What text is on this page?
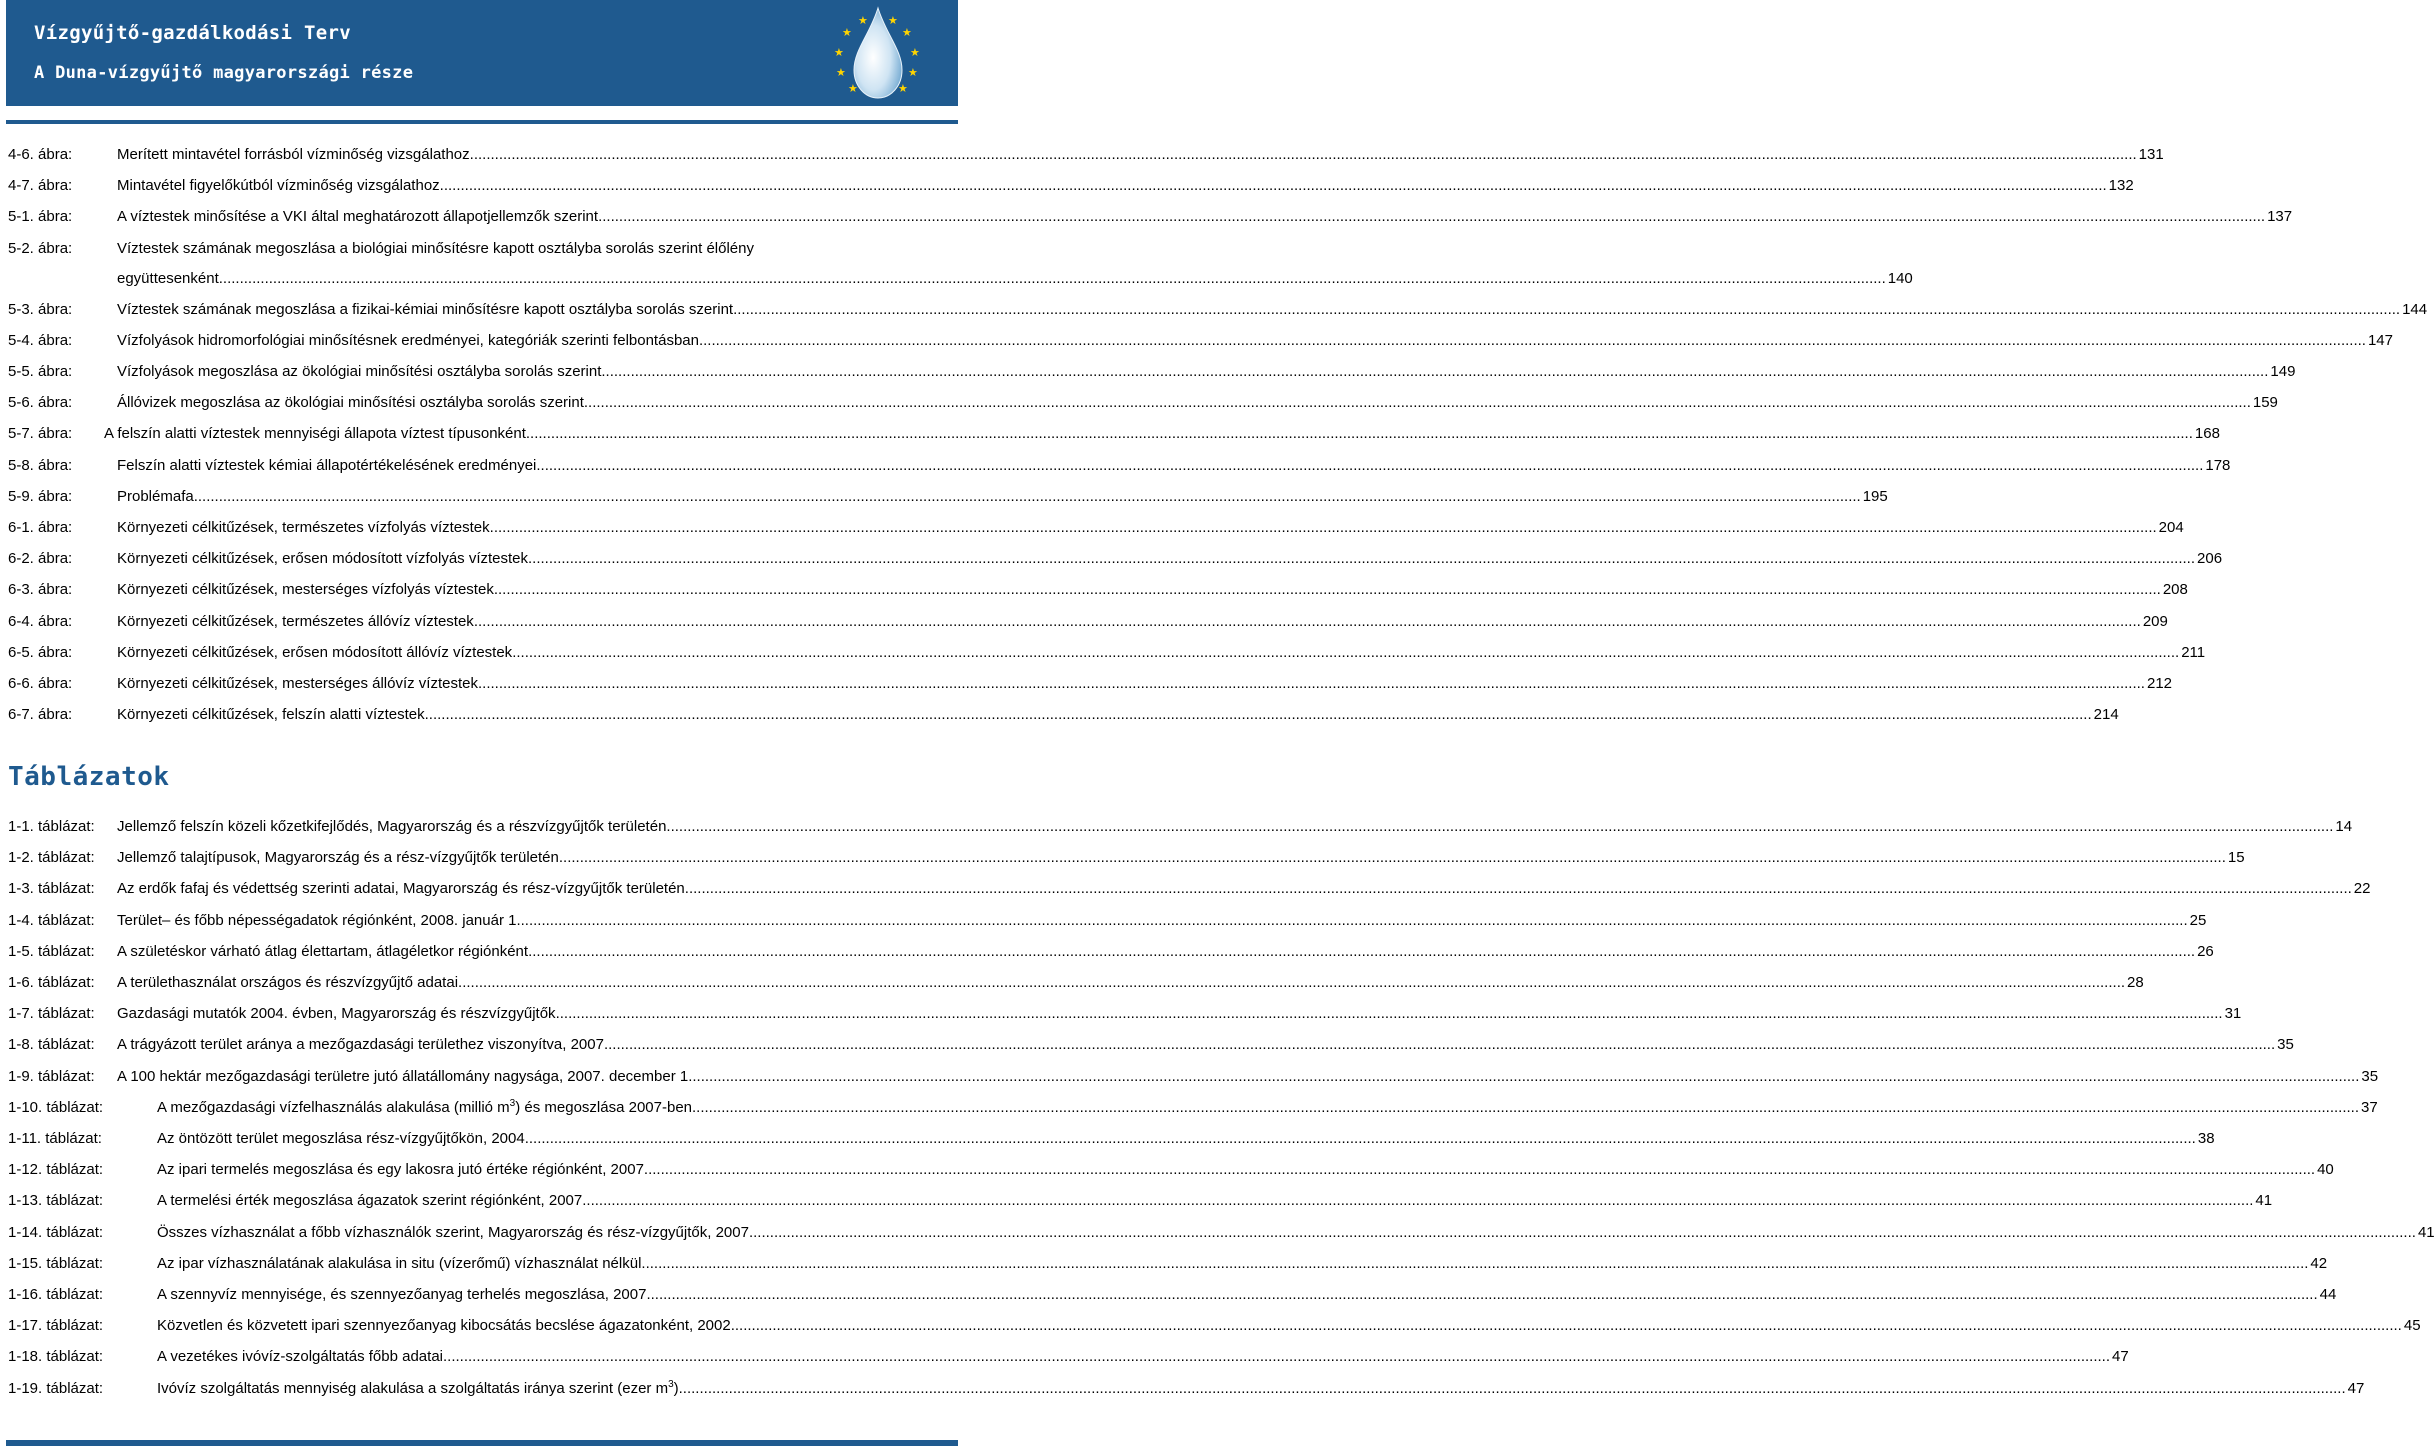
Vízgyűjtő-gazdálkodási Terv
A Duna-vízgyűjtő magyarországi része
★
★
★
★
★
★
★
★
★ ★
4-6. ábra:	Merített mintavétel forrásból vízminőség vizsgálathoz ................................................................................................................................................................................................................................................................................................................................................................................................................ 131
4-7. ábra:	Mintavétel figyelőkútból vízminőség vizsgálathoz ................................................................................................................................................................................................................................................................................................................................................................................................................ 132
5-1. ábra:	A víztestek minősítése a VKI által meghatározott állapotjellemzők szerint ................................................................................................................................................................................................................................................................................................................................................................................................................ 137
5-2. ábra:	Víztestek számának megoszlása a biológiai minősítésre kapott osztályba sorolás szerint élőlény
együttesenként ................................................................................................................................................................................................................................................................................................................................................................................................................ 140
5-3. ábra:	Víztestek számának megoszlása a fizikai-kémiai minősítésre kapott osztályba sorolás szerint ................................................................................................................................................................................................................................................................................................................................................................................................................ 144
5-4. ábra:	Vízfolyások hidromorfológiai minősítésnek eredményei, kategóriák szerinti felbontásban ................................................................................................................................................................................................................................................................................................................................................................................................................ 147
5-5. ábra:	Vízfolyások megoszlása az ökológiai minősítési osztályba sorolás szerint ................................................................................................................................................................................................................................................................................................................................................................................................................ 149
5-6. ábra:	Állóvizek megoszlása az ökológiai minősítési osztályba sorolás szerint ................................................................................................................................................................................................................................................................................................................................................................................................................ 159
5-7. ábra: A felszín alatti víztestek mennyiségi állapota víztest típusonként ................................................................................................................................................................................................................................................................................................................................................................................................................ 168
5-8. ábra:	Felszín alatti víztestek kémiai állapotértékelésének eredményei ................................................................................................................................................................................................................................................................................................................................................................................................................ 178
5-9. ábra:	Problémafa ................................................................................................................................................................................................................................................................................................................................................................................................................ 195
6-1. ábra:	Környezeti célkitűzések, természetes vízfolyás víztestek ................................................................................................................................................................................................................................................................................................................................................................................................................ 204
6-2. ábra:	Környezeti célkitűzések, erősen módosított vízfolyás víztestek ................................................................................................................................................................................................................................................................................................................................................................................................................ 206
6-3. ábra:	Környezeti célkitűzések, mesterséges vízfolyás víztestek ................................................................................................................................................................................................................................................................................................................................................................................................................ 208
6-4. ábra:	Környezeti célkitűzések, természetes állóvíz víztestek ................................................................................................................................................................................................................................................................................................................................................................................................................ 209
6-5. ábra:	Környezeti célkitűzések, erősen módosított állóvíz víztestek ................................................................................................................................................................................................................................................................................................................................................................................................................ 211
6-6. ábra:	Környezeti célkitűzések, mesterséges állóvíz víztestek ................................................................................................................................................................................................................................................................................................................................................................................................................ 212
6-7. ábra:	Környezeti célkitűzések, felszín alatti víztestek ................................................................................................................................................................................................................................................................................................................................................................................................................ 214
Táblázatok
1-1. táblázat: Jellemző felszín közeli kőzetkifejlődés, Magyarország és a részvízgyűjtők területén ................................................................................................................................................................................................................................................................................................................................................................................................................ 14
1-2. táblázat: Jellemző talajtípusok, Magyarország és a rész-vízgyűjtők területén ................................................................................................................................................................................................................................................................................................................................................................................................................ 15
1-3. táblázat: Az erdők fafaj és védettség szerinti adatai, Magyarország és rész-vízgyűjtők területén ................................................................................................................................................................................................................................................................................................................................................................................................................ 22
1-4. táblázat: Terület– és főbb népességadatok régiónként, 2008. január 1. ................................................................................................................................................................................................................................................................................................................................................................................................................ 25
1-5. táblázat: A születéskor várható átlag élettartam, átlagéletkor régiónként ................................................................................................................................................................................................................................................................................................................................................................................................................ 26
1-6. táblázat: A területhasználat országos és részvízgyűjtő adatai ................................................................................................................................................................................................................................................................................................................................................................................................................ 28
1-7. táblázat: Gazdasági mutatók 2004. évben, Magyarország és részvízgyűjtők ................................................................................................................................................................................................................................................................................................................................................................................................................ 31
1-8. táblázat: A trágyázott terület aránya a mezőgazdasági területhez viszonyítva, 2007. ................................................................................................................................................................................................................................................................................................................................................................................................................ 35
1-9. táblázat: A 100 hektár mezőgazdasági területre jutó állatállomány nagysága, 2007. december 1. ................................................................................................................................................................................................................................................................................................................................................................................................................ 35
1-10. táblázat:	A mezőgazdasági vízfelhasználás alakulása (millió $m^3$) és megoszlása 2007-ben ................................................................................................................................................................................................................................................................................................................................................................................................................ 37
1-11. táblázat:	Az öntözött terület megoszlása rész-vízgyűjtőkön, 2004. ................................................................................................................................................................................................................................................................................................................................................................................................................ 38
1-12. táblázat:	Az ipari termelés megoszlása és egy lakosra jutó értéke régiónként, 2007. ................................................................................................................................................................................................................................................................................................................................................................................................................ 40
1-13. táblázat:	A termelési érték megoszlása ágazatok szerint régiónként, 2007. ................................................................................................................................................................................................................................................................................................................................................................................................................ 41
1-14. táblázat:	Összes vízhasználat a főbb vízhasználók szerint, Magyarország és rész-vízgyűjtők, 2007 ................................................................................................................................................................................................................................................................................................................................................................................................................ 41
1-15. táblázat:	Az ipar vízhasználatának alakulása in situ (vízerőmű) vízhasználat nélkül ................................................................................................................................................................................................................................................................................................................................................................................................................ 42
1-16. táblázat:	A szennyvíz mennyisége, és szennyezőanyag terhelés megoszlása, 2007. ................................................................................................................................................................................................................................................................................................................................................................................................................ 44
1-17. táblázat:	Közvetlen és közvetett ipari szennyezőanyag kibocsátás becslése ágazatonként, 2002. ................................................................................................................................................................................................................................................................................................................................................................................................................ 45
1-18. táblázat:	A vezetékes ivóvíz-szolgáltatás főbb adatai ................................................................................................................................................................................................................................................................................................................................................................................................................ 47
1-19. táblázat:	Ivóvíz szolgáltatás mennyiség alakulása a szolgáltatás iránya szerint (ezer $m^3$) ................................................................................................................................................................................................................................................................................................................................................................................................................ 47
